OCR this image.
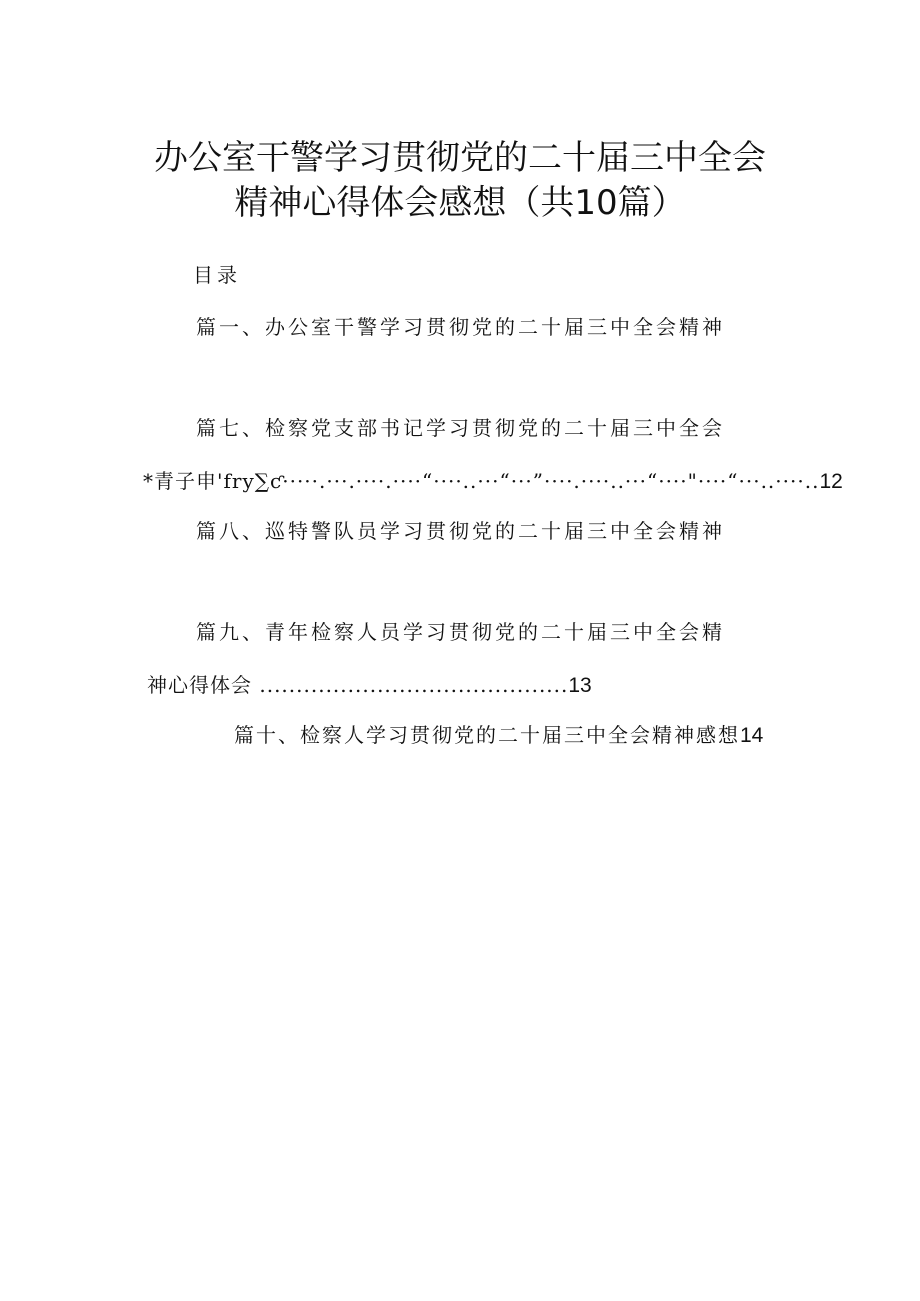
办公室干警学习贯彻党的二十届三中全会
精神心得体会感想（共10篇）
目录
篇一、办公室干警学习贯彻党的二十届三中全会精神
篇七、检察党支部书记学习贯彻党的二十届三中全会
*青子申'fry∑ƈ·····.···.····.····“····..···“···”····.····..···“····"····“···..····..12
篇八、巡特警队员学习贯彻党的二十届三中全会精神
篇九、青年检察人员学习贯彻党的二十届三中全会精
神心得体会 ..........................................13
篇十、检察人学习贯彻党的二十届三中全会精神感想14
